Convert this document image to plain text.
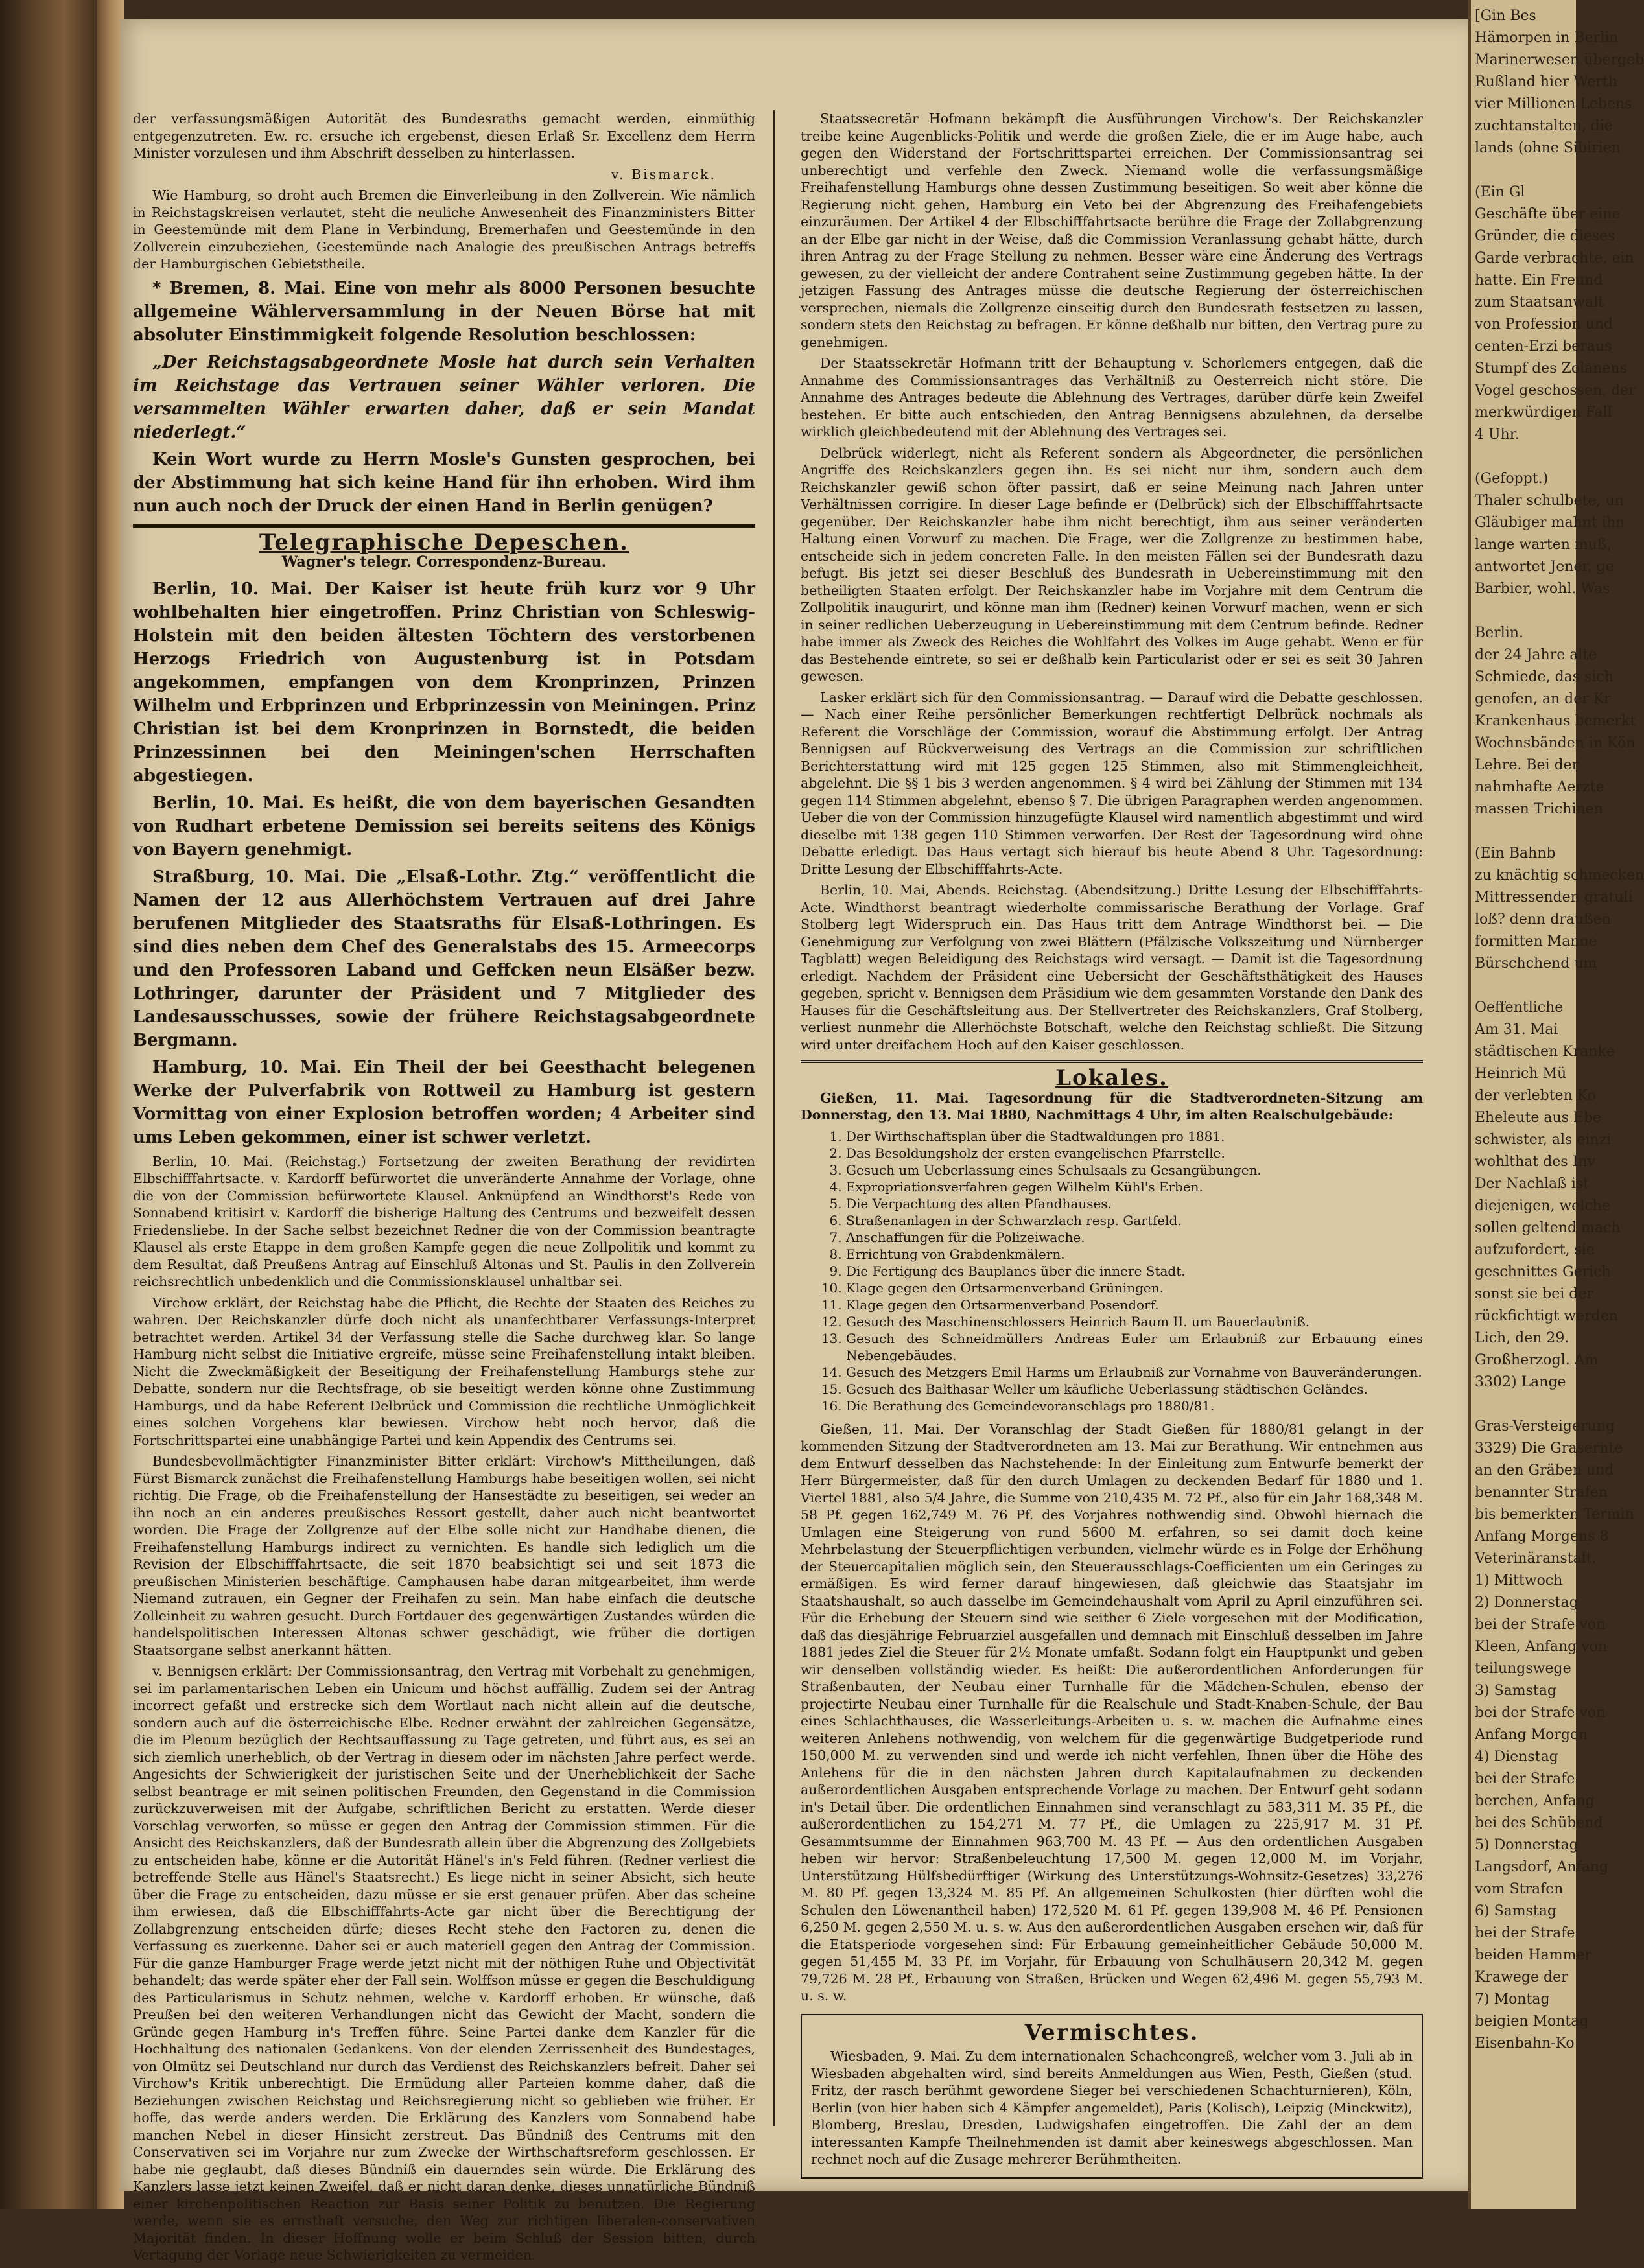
der verfassungsmäßigen Autorität des Bundesraths gemacht werden, einmüthig entgegenzutreten. Ew. rc. ersuche ich ergebenst, diesen Erlaß Sr. Excellenz dem Herrn Minister vorzulesen und ihm Abschrift desselben zu hinterlassen.

v. Bismarck.

Wie Hamburg, so droht auch Bremen die Einverleibung in den Zollverein. Wie nämlich in Reichstagskreisen verlautet, steht die neuliche Anwesenheit des Finanzministers Bitter in Geestemünde mit dem Plane in Verbindung, Bremerhafen und Geestemünde in den Zollverein einzubeziehen, Geestemünde nach Analogie des preußischen Antrags betreffs der Hamburgischen Gebietstheile.

* Bremen, 8. Mai. Eine von mehr als 8000 Personen besuchte allgemeine Wählerversammlung in der Neuen Börse hat mit absoluter Einstimmigkeit folgende Resolution beschlossen:

„Der Reichstagsabgeordnete Mosle hat durch sein Verhalten im Reichstage das Vertrauen seiner Wähler verloren. Die versammelten Wähler erwarten daher, daß er sein Mandat niederlegt.“

Kein Wort wurde zu Herrn Mosle's Gunsten gesprochen, bei der Abstimmung hat sich keine Hand für ihn erhoben. Wird ihm nun auch noch der Druck der einen Hand in Berlin genügen?

Telegraphische Depeschen.
Wagner's telegr. Correspondenz-Bureau.

Berlin, 10. Mai. Der Kaiser ist heute früh kurz vor 9 Uhr wohlbehalten hier eingetroffen. Prinz Christian von Schleswig-Holstein mit den beiden ältesten Töchtern des verstorbenen Herzogs Friedrich von Augustenburg ist in Potsdam angekommen, empfangen von dem Kronprinzen, Prinzen Wilhelm und Erbprinzen und Erbprinzessin von Meiningen. Prinz Christian ist bei dem Kronprinzen in Bornstedt, die beiden Prinzessinnen bei den Meiningen'schen Herrschaften abgestiegen.

Berlin, 10. Mai. Es heißt, die von dem bayerischen Gesandten von Rudhart erbetene Demission sei bereits seitens des Königs von Bayern genehmigt.

Straßburg, 10. Mai. Die „Elsaß-Lothr. Ztg.“ veröffentlicht die Namen der 12 aus Allerhöchstem Vertrauen auf drei Jahre berufenen Mitglieder des Staatsraths für Elsaß-Lothringen. Es sind dies neben dem Chef des Generalstabs des 15. Armeecorps und den Professoren Laband und Geffcken neun Elsäßer bezw. Lothringer, darunter der Präsident und 7 Mitglieder des Landesausschusses, sowie der frühere Reichstagsabgeordnete Bergmann.

Hamburg, 10. Mai. Ein Theil der bei Geesthacht belegenen Werke der Pulverfabrik von Rottweil zu Hamburg ist gestern Vormittag von einer Explosion betroffen worden; 4 Arbeiter sind ums Leben gekommen, einer ist schwer verletzt.

Berlin, 10. Mai. (Reichstag.) Fortsetzung der zweiten Berathung der revidirten Elbschifffahrtsacte. v. Kardorff befürwortet die unveränderte Annahme der Vorlage, ohne die von der Commission befürwortete Klausel. Anknüpfend an Windthorst's Rede von Sonnabend kritisirt v. Kardorff die bisherige Haltung des Centrums und bezweifelt dessen Friedensliebe. In der Sache selbst bezeichnet Redner die von der Commission beantragte Klausel als erste Etappe in dem großen Kampfe gegen die neue Zollpolitik und kommt zu dem Resultat, daß Preußens Antrag auf Einschluß Altonas und St. Paulis in den Zollverein reichsrechtlich unbedenklich und die Commissionsklausel unhaltbar sei.

Virchow erklärt, der Reichstag habe die Pflicht, die Rechte der Staaten des Reiches zu wahren. Der Reichskanzler dürfe doch nicht als unanfechtbarer Verfassungs-Interpret betrachtet werden. Artikel 34 der Verfassung stelle die Sache durchweg klar. So lange Hamburg nicht selbst die Initiative ergreife, müsse seine Freihafenstellung intakt bleiben. Nicht die Zweckmäßigkeit der Beseitigung der Freihafenstellung Hamburgs stehe zur Debatte, sondern nur die Rechtsfrage, ob sie beseitigt werden könne ohne Zustimmung Hamburgs, und da habe Referent Delbrück und Commission die rechtliche Unmöglichkeit eines solchen Vorgehens klar bewiesen. Virchow hebt noch hervor, daß die Fortschrittspartei eine unabhängige Partei und kein Appendix des Centrums sei.

Bundesbevollmächtigter Finanzminister Bitter erklärt: Virchow's Mittheilungen, daß Fürst Bismarck zunächst die Freihafenstellung Hamburgs habe beseitigen wollen, sei nicht richtig. Die Frage, ob die Freihafenstellung der Hansestädte zu beseitigen, sei weder an ihn noch an ein anderes preußisches Ressort gestellt, daher auch nicht beantwortet worden. Die Frage der Zollgrenze auf der Elbe solle nicht zur Handhabe dienen, die Freihafenstellung Hamburgs indirect zu vernichten. Es handle sich lediglich um die Revision der Elbschifffahrtsacte, die seit 1870 beabsichtigt sei und seit 1873 die preußischen Ministerien beschäftige. Camphausen habe daran mitgearbeitet, ihm werde Niemand zutrauen, ein Gegner der Freihafen zu sein. Man habe einfach die deutsche Zolleinheit zu wahren gesucht. Durch Fortdauer des gegenwärtigen Zustandes würden die handelspolitischen Interessen Altonas schwer geschädigt, wie früher die dortigen Staatsorgane selbst anerkannt hätten.

v. Bennigsen erklärt: Der Commissionsantrag, den Vertrag mit Vorbehalt zu genehmigen, sei im parlamentarischen Leben ein Unicum und höchst auffällig. Zudem sei der Antrag incorrect gefaßt und erstrecke sich dem Wortlaut nach nicht allein auf die deutsche, sondern auch auf die österreichische Elbe. Redner erwähnt der zahlreichen Gegensätze, die im Plenum bezüglich der Rechtsauffassung zu Tage getreten, und führt aus, es sei an sich ziemlich unerheblich, ob der Vertrag in diesem oder im nächsten Jahre perfect werde. Angesichts der Schwierigkeit der juristischen Seite und der Unerheblichkeit der Sache selbst beantrage er mit seinen politischen Freunden, den Gegenstand in die Commission zurückzuverweisen mit der Aufgabe, schriftlichen Bericht zu erstatten. Werde dieser Vorschlag verworfen, so müsse er gegen den Antrag der Commission stimmen. Für die Ansicht des Reichskanzlers, daß der Bundesrath allein über die Abgrenzung des Zollgebiets zu entscheiden habe, könne er die Autorität Hänel's in's Feld führen. (Redner verliest die betreffende Stelle aus Hänel's Staatsrecht.) Es liege nicht in seiner Absicht, sich heute über die Frage zu entscheiden, dazu müsse er sie erst genauer prüfen. Aber das scheine ihm erwiesen, daß die Elbschifffahrts-Acte gar nicht über die Berechtigung der Zollabgrenzung entscheiden dürfe; dieses Recht stehe den Factoren zu, denen die Verfassung es zuerkenne. Daher sei er auch materiell gegen den Antrag der Commission. Für die ganze Hamburger Frage werde jetzt nicht mit der nöthigen Ruhe und Objectivität behandelt; das werde später eher der Fall sein. Wolffson müsse er gegen die Beschuldigung des Particularismus in Schutz nehmen, welche v. Kardorff erhoben. Er wünsche, daß Preußen bei den weiteren Verhandlungen nicht das Gewicht der Macht, sondern die Gründe gegen Hamburg in's Treffen führe. Seine Partei danke dem Kanzler für die Hochhaltung des nationalen Gedankens. Von der elenden Zerrissenheit des Bundestages, von Olmütz sei Deutschland nur durch das Verdienst des Reichskanzlers befreit. Daher sei Virchow's Kritik unberechtigt. Die Ermüdung aller Parteien komme daher, daß die Beziehungen zwischen Reichstag und Reichsregierung nicht so geblieben wie früher. Er hoffe, das werde anders werden. Die Erklärung des Kanzlers vom Sonnabend habe manchen Nebel in dieser Hinsicht zerstreut. Das Bündniß des Centrums mit den Conservativen sei im Vorjahre nur zum Zwecke der Wirthschaftsreform geschlossen. Er habe nie geglaubt, daß dieses Bündniß ein dauerndes sein würde. Die Erklärung des Kanzlers lasse jetzt keinen Zweifel, daß er nicht daran denke, dieses unnatürliche Bündniß einer kirchenpolitischen Reaction zur Basis seiner Politik zu benutzen. Die Regierung werde, wenn sie es ernsthaft versuche, den Weg zur richtigen liberalen-conservativen Majorität finden. In dieser Hoffnung wolle er beim Schluß der Session bitten, durch Vertagung der Vorlage neue Schwierigkeiten zu vermeiden.

Staatssecretär Hofmann bekämpft die Ausführungen Virchow's. Der Reichskanzler treibe keine Augenblicks-Politik und werde die großen Ziele, die er im Auge habe, auch gegen den Widerstand der Fortschrittspartei erreichen. Der Commissionsantrag sei unberechtigt und verfehle den Zweck. Niemand wolle die verfassungsmäßige Freihafenstellung Hamburgs ohne dessen Zustimmung beseitigen. So weit aber könne die Regierung nicht gehen, Hamburg ein Veto bei der Abgrenzung des Freihafengebiets einzuräumen. Der Artikel 4 der Elbschifffahrtsacte berühre die Frage der Zollabgrenzung an der Elbe gar nicht in der Weise, daß die Commission Veranlassung gehabt hätte, durch ihren Antrag zu der Frage Stellung zu nehmen. Besser wäre eine Änderung des Vertrags gewesen, zu der vielleicht der andere Contrahent seine Zustimmung gegeben hätte. In der jetzigen Fassung des Antrages müsse die deutsche Regierung der österreichischen versprechen, niemals die Zollgrenze einseitig durch den Bundesrath festsetzen zu lassen, sondern stets den Reichstag zu befragen. Er könne deßhalb nur bitten, den Vertrag pure zu genehmigen.

Der Staatssekretär Hofmann tritt der Behauptung v. Schorlemers entgegen, daß die Annahme des Commissionsantrages das Verhältniß zu Oesterreich nicht störe. Die Annahme des Antrages bedeute die Ablehnung des Vertrages, darüber dürfe kein Zweifel bestehen. Er bitte auch entschieden, den Antrag Bennigsens abzulehnen, da derselbe wirklich gleichbedeutend mit der Ablehnung des Vertrages sei.

Delbrück widerlegt, nicht als Referent sondern als Abgeordneter, die persönlichen Angriffe des Reichskanzlers gegen ihn. Es sei nicht nur ihm, sondern auch dem Reichskanzler gewiß schon öfter passirt, daß er seine Meinung nach Jahren unter Verhältnissen corrigire. In dieser Lage befinde er (Delbrück) sich der Elbschifffahrtsacte gegenüber. Der Reichskanzler habe ihm nicht berechtigt, ihm aus seiner veränderten Haltung einen Vorwurf zu machen. Die Frage, wer die Zollgrenze zu bestimmen habe, entscheide sich in jedem concreten Falle. In den meisten Fällen sei der Bundesrath dazu befugt. Bis jetzt sei dieser Beschluß des Bundesrath in Uebereinstimmung mit den betheiligten Staaten erfolgt. Der Reichskanzler habe im Vorjahre mit dem Centrum die Zollpolitik inaugurirt, und könne man ihm (Redner) keinen Vorwurf machen, wenn er sich in seiner redlichen Ueberzeugung in Uebereinstimmung mit dem Centrum befinde. Redner habe immer als Zweck des Reiches die Wohlfahrt des Volkes im Auge gehabt. Wenn er für das Bestehende eintrete, so sei er deßhalb kein Particularist oder er sei es seit 30 Jahren gewesen.

Lasker erklärt sich für den Commissionsantrag. — Darauf wird die Debatte geschlossen. — Nach einer Reihe persönlicher Bemerkungen rechtfertigt Delbrück nochmals als Referent die Vorschläge der Commission, worauf die Abstimmung erfolgt. Der Antrag Bennigsen auf Rückverweisung des Vertrags an die Commission zur schriftlichen Berichterstattung wird mit 125 gegen 125 Stimmen, also mit Stimmengleichheit, abgelehnt. Die §§ 1 bis 3 werden angenommen. § 4 wird bei Zählung der Stimmen mit 134 gegen 114 Stimmen abgelehnt, ebenso § 7. Die übrigen Paragraphen werden angenommen. Ueber die von der Commission hinzugefügte Klausel wird namentlich abgestimmt und wird dieselbe mit 138 gegen 110 Stimmen verworfen. Der Rest der Tagesordnung wird ohne Debatte erledigt. Das Haus vertagt sich hierauf bis heute Abend 8 Uhr. Tagesordnung: Dritte Lesung der Elbschifffahrts-Acte.

Berlin, 10. Mai, Abends. Reichstag. (Abendsitzung.) Dritte Lesung der Elbschifffahrts-Acte. Windthorst beantragt wiederholte commissarische Berathung der Vorlage. Graf Stolberg legt Widerspruch ein. Das Haus tritt dem Antrage Windthorst bei. — Die Genehmigung zur Verfolgung von zwei Blättern (Pfälzische Volkszeitung und Nürnberger Tagblatt) wegen Beleidigung des Reichstags wird versagt. — Damit ist die Tagesordnung erledigt. Nachdem der Präsident eine Uebersicht der Geschäftsthätigkeit des Hauses gegeben, spricht v. Bennigsen dem Präsidium wie dem gesammten Vorstande den Dank des Hauses für die Geschäftsleitung aus. Der Stellvertreter des Reichskanzlers, Graf Stolberg, verliest nunmehr die Allerhöchste Botschaft, welche den Reichstag schließt. Die Sitzung wird unter dreifachem Hoch auf den Kaiser geschlossen.

Lokales.

Gießen, 11. Mai. Tagesordnung für die Stadtverordneten-Sitzung am Donnerstag, den 13. Mai 1880, Nachmittags 4 Uhr, im alten Realschulgebäude:

1. Der Wirthschaftsplan über die Stadtwaldungen pro 1881.
2. Das Besoldungsholz der ersten evangelischen Pfarrstelle.
3. Gesuch um Ueberlassung eines Schulsaals zu Gesangübungen.
4. Expropriationsverfahren gegen Wilhelm Kühl's Erben.
5. Die Verpachtung des alten Pfandhauses.
6. Straßenanlagen in der Schwarzlach resp. Gartfeld.
7. Anschaffungen für die Polizeiwache.
8. Errichtung von Grabdenkmälern.
9. Die Fertigung des Bauplanes über die innere Stadt.
10. Klage gegen den Ortsarmenverband Grüningen.
11. Klage gegen den Ortsarmenverband Posendorf.
12. Gesuch des Maschinenschlossers Heinrich Baum II. um Bauerlaubniß.
13. Gesuch des Schneidmüllers Andreas Euler um Erlaubniß zur Erbauung eines Nebengebäudes.
14. Gesuch des Metzgers Emil Harms um Erlaubniß zur Vornahme von Bauveränderungen.
15. Gesuch des Balthasar Weller um käufliche Ueberlassung städtischen Geländes.
16. Die Berathung des Gemeindevoranschlags pro 1880/81.

Gießen, 11. Mai. Der Voranschlag der Stadt Gießen für 1880/81 gelangt in der kommenden Sitzung der Stadtverordneten am 13. Mai zur Berathung. Wir entnehmen aus dem Entwurf desselben das Nachstehende: In der Einleitung zum Entwurfe bemerkt der Herr Bürgermeister, daß für den durch Umlagen zu deckenden Bedarf für 1880 und 1. Viertel 1881, also 5/4 Jahre, die Summe von 210,435 M. 72 Pf., also für ein Jahr 168,348 M. 58 Pf. gegen 162,749 M. 76 Pf. des Vorjahres nothwendig sind. Obwohl hiernach die Umlagen eine Steigerung von rund 5600 M. erfahren, so sei damit doch keine Mehrbelastung der Steuerpflichtigen verbunden, vielmehr würde es in Folge der Erhöhung der Steuercapitalien möglich sein, den Steuerausschlags-Coefficienten um ein Geringes zu ermäßigen. Es wird ferner darauf hingewiesen, daß gleichwie das Staatsjahr im Staatshaushalt, so auch dasselbe im Gemeindehaushalt vom April zu April einzuführen sei. Für die Erhebung der Steuern sind wie seither 6 Ziele vorgesehen mit der Modification, daß das diesjährige Februarziel ausgefallen und demnach mit Einschluß desselben im Jahre 1881 jedes Ziel die Steuer für 2½ Monate umfaßt. Sodann folgt ein Hauptpunkt und geben wir denselben vollständig wieder. Es heißt: Die außerordentlichen Anforderungen für Straßenbauten, der Neubau einer Turnhalle für die Mädchen-Schulen, ebenso der projectirte Neubau einer Turnhalle für die Realschule und Stadt-Knaben-Schule, der Bau eines Schlachthauses, die Wasserleitungs-Arbeiten u. s. w. machen die Aufnahme eines weiteren Anlehens nothwendig, von welchem für die gegenwärtige Budgetperiode rund 150,000 M. zu verwenden sind und werde ich nicht verfehlen, Ihnen über die Höhe des Anlehens für die in den nächsten Jahren durch Kapitalaufnahmen zu deckenden außerordentlichen Ausgaben entsprechende Vorlage zu machen. Der Entwurf geht sodann in's Detail über. Die ordentlichen Einnahmen sind veranschlagt zu 583,311 M. 35 Pf., die außerordentlichen zu 154,271 M. 77 Pf., die Umlagen zu 225,917 M. 31 Pf. Gesammtsumme der Einnahmen 963,700 M. 43 Pf. — Aus den ordentlichen Ausgaben heben wir hervor: Straßenbeleuchtung 17,500 M. gegen 12,000 M. im Vorjahr, Unterstützung Hülfsbedürftiger (Wirkung des Unterstützungs-Wohnsitz-Gesetzes) 33,276 M. 80 Pf. gegen 13,324 M. 85 Pf. An allgemeinen Schulkosten (hier dürften wohl die Schulen den Löwenantheil haben) 172,520 M. 61 Pf. gegen 139,908 M. 46 Pf. Pensionen 6,250 M. gegen 2,550 M. u. s. w. Aus den außerordentlichen Ausgaben ersehen wir, daß für die Etatsperiode vorgesehen sind: Für Erbauung gemeinheitlicher Gebäude 50,000 M. gegen 51,455 M. 33 Pf. im Vorjahr, für Erbauung von Schulhäusern 20,342 M. gegen 79,726 M. 28 Pf., Erbauung von Straßen, Brücken und Wegen 62,496 M. gegen 55,793 M. u. s. w.

Vermischtes.

Wiesbaden, 9. Mai. Zu dem internationalen Schachcongreß, welcher vom 3. Juli ab in Wiesbaden abgehalten wird, sind bereits Anmeldungen aus Wien, Pesth, Gießen (stud. Fritz, der rasch berühmt gewordene Sieger bei verschiedenen Schachturnieren), Köln, Berlin (von hier haben sich 4 Kämpfer angemeldet), Paris (Kolisch), Leipzig (Minckwitz), Blomberg, Breslau, Dresden, Ludwigshafen eingetroffen. Die Zahl der an dem interessanten Kampfe Theilnehmenden ist damit aber keineswegs abgeschlossen. Man rechnet noch auf die Zusage mehrerer Berühmtheiten.

[Gin Bes
Hämorpen in Berlin
Marinerwesen übergeb
Rußland hier Werth
vier Millionen Lebens
zuchtanstalten, die
lands (ohne Sibirien

(Ein Gl
Geschäfte über eine
Gründer, die dieses
Garde verbrachte, ein
hatte. Ein Freund
zum Staatsanwalt
von Profession und
centen-Erzi beraus
Stumpf des Zolanens
Vogel geschossen, der
merkwürdigen Fall
4 Uhr.

(Gefoppt.)
Thaler schulbete, un
Gläubiger mahnt ihn
lange warten muß,
antwortet Jener, ge
Barbier, wohl. Was

Berlin.
der 24 Jahre alte
Schmiede, das sich
genofen, an der Kr
Krankenhaus bemerkt
Wochnsbänden in Kön
Lehre. Bei der
nahmhafte Aerzte
massen Trichinen

(Ein Bahnb
zu knächtig schmecken
Mittressenden gratuli
loß? denn draußen
formitten Manne
Bürschchend um

Oeffentliche
Am 31. Mai
städtischen Kranke
Heinrich Mü
der verlebten Ko
Eheleute aus Ebe
schwister, als einzi
wohlthat des Inv
Der Nachlaß ist
diejenigen, welche
sollen geltend mach
aufzufordert, sie
geschnittes Gerich
sonst sie bei der
rückfichtigt werden
Lich, den 29.
Großherzogl. Am
3302) Lange

Gras-Versteigerung
3329) Die Grasernte
an den Gräben und
benannter Strafen
bis bemerkten Termin
Anfang Morgens 8
Veterinäranstalt.
1) Mittwoch
2) Donnerstag
bei der Strafe von
Kleen, Anfang von
teilungswege
3) Samstag
bei der Strafe von
Anfang Morgen
4) Dienstag
bei der Strafe
berchen, Anfang
bei des Schübend
5) Donnerstag
Langsdorf, Anfang
vom Strafen
6) Samstag
bei der Strafe
beiden Hammer
Krawege der
7) Montag
beigien Montag
Eisenbahn-Ko
